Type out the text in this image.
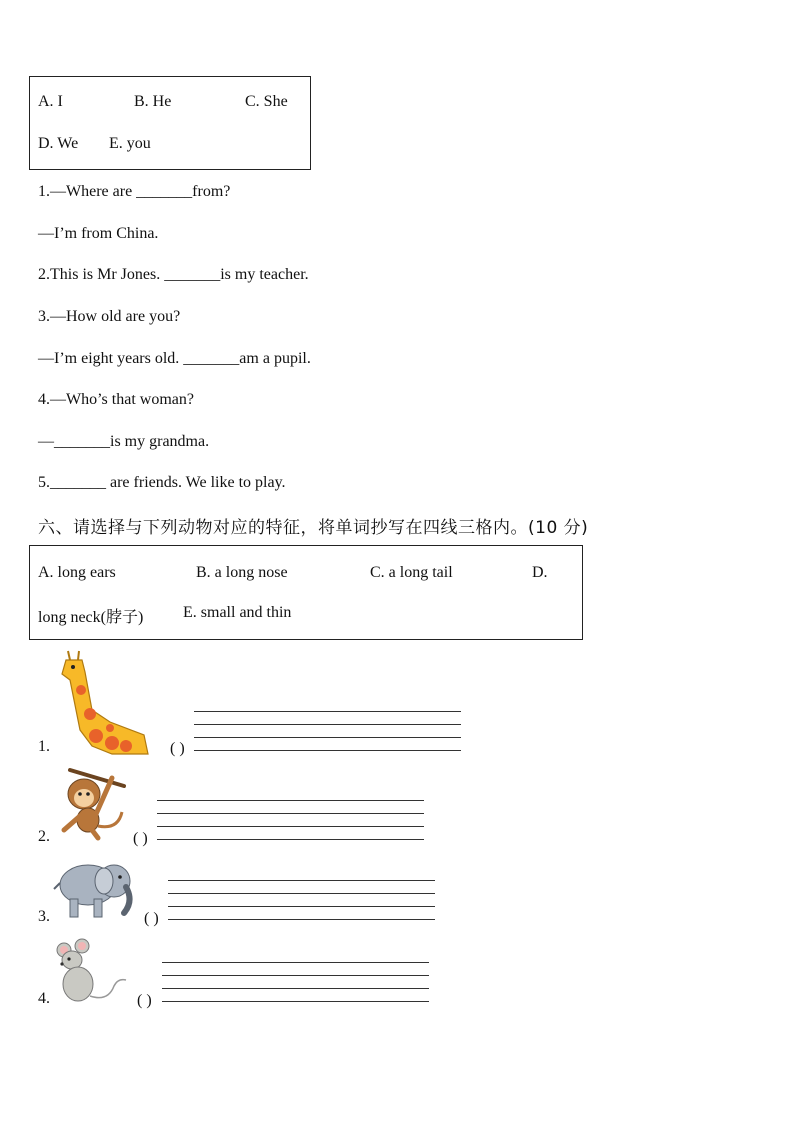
A. I	B. He	C. She
D. We E. you
1.—Where are _______from?
—I’m from China.
2.This is Mr Jones. _______is my teacher.
3.—How old are you?
—I’m eight years old. _______am a pupil.
4.—Who’s that woman?
—_______is my grandma.
5._______ are friends. We like to play.
六、请选择与下列动物对应的特征，将单词抄写在四线三格内。(10 分)
A. long ears	B. a long nose	C. a long tail	D.
long neck(脖子) E. small and thin
1.	( )
2.	( )
3.	( )
4.	( )
